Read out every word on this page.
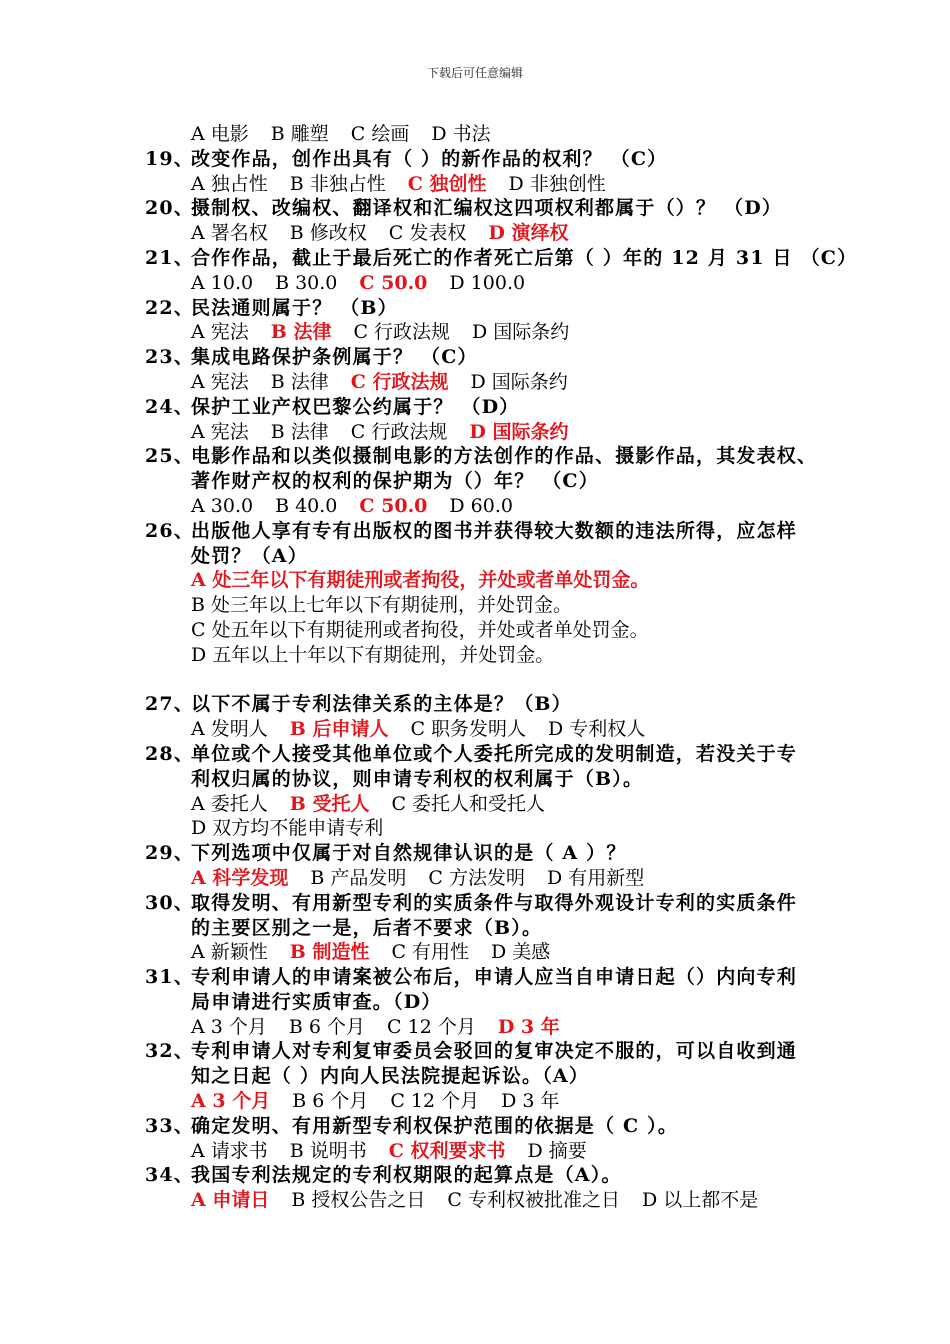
下载后可任意编辑
A 电影 B 雕塑 C 绘画 D 书法
19、改变作品，创作出具有（ ）的新作品的权利？ （C）
A 独占性 B 非独占性 C 独创性 D 非独创性
20、摄制权、改编权、翻译权和汇编权这四项权利都属于（）？ （D）
A 署名权 B 修改权 C 发表权 D 演绎权
21、合作作品，截止于最后死亡的作者死亡后第（ ）年的 12 月 31 日 （C）
A 10.0 B 30.0 C 50.0 D 100.0
22、民法通则属于？ （B）
A 宪法 B 法律 C 行政法规 D 国际条约
23、集成电路保护条例属于？ （C）
A 宪法 B 法律 C 行政法规 D 国际条约
24、保护工业产权巴黎公约属于？ （D）
A 宪法 B 法律 C 行政法规 D 国际条约
25、电影作品和以类似摄制电影的方法创作的作品、摄影作品，其发表权、
著作财产权的权利的保护期为（）年？ （C）
A 30.0 B 40.0 C 50.0 D 60.0
26、出版他人享有专有出版权的图书并获得较大数额的违法所得，应怎样
处罚？（A）
A 处三年以下有期徒刑或者拘役，并处或者单处罚金。
B 处三年以上七年以下有期徒刑，并处罚金。
C 处五年以下有期徒刑或者拘役，并处或者单处罚金。
D 五年以上十年以下有期徒刑，并处罚金。
27、以下不属于专利法律关系的主体是？（B）
A 发明人 B 后申请人 C 职务发明人 D 专利权人
28、单位或个人接受其他单位或个人委托所完成的发明制造，若没关于专
利权归属的协议，则申请专利权的权利属于（B）。
A 委托人 B 受托人 C 委托人和受托人
D 双方均不能申请专利
29、下列选项中仅属于对自然规律认识的是（ A ）？
A 科学发现 B 产品发明 C 方法发明 D 有用新型
30、取得发明、有用新型专利的实质条件与取得外观设计专利的实质条件
的主要区别之一是，后者不要求（B）。
A 新颖性 B 制造性 C 有用性 D 美感
31、专利申请人的申请案被公布后，申请人应当自申请日起（）内向专利
局申请进行实质审查。（D）
A 3 个月 B 6 个月 C 12 个月 D 3 年
32、专利申请人对专利复审委员会驳回的复审决定不服的，可以自收到通
知之日起（ ）内向人民法院提起诉讼。（A）
A 3 个月 B 6 个月 C 12 个月 D 3 年
33、确定发明、有用新型专利权保护范围的依据是（ C ）。
A 请求书 B 说明书 C 权利要求书 D 摘要
34、我国专利法规定的专利权期限的起算点是（A）。
A 申请日 B 授权公告之日 C 专利权被批准之日 D 以上都不是
